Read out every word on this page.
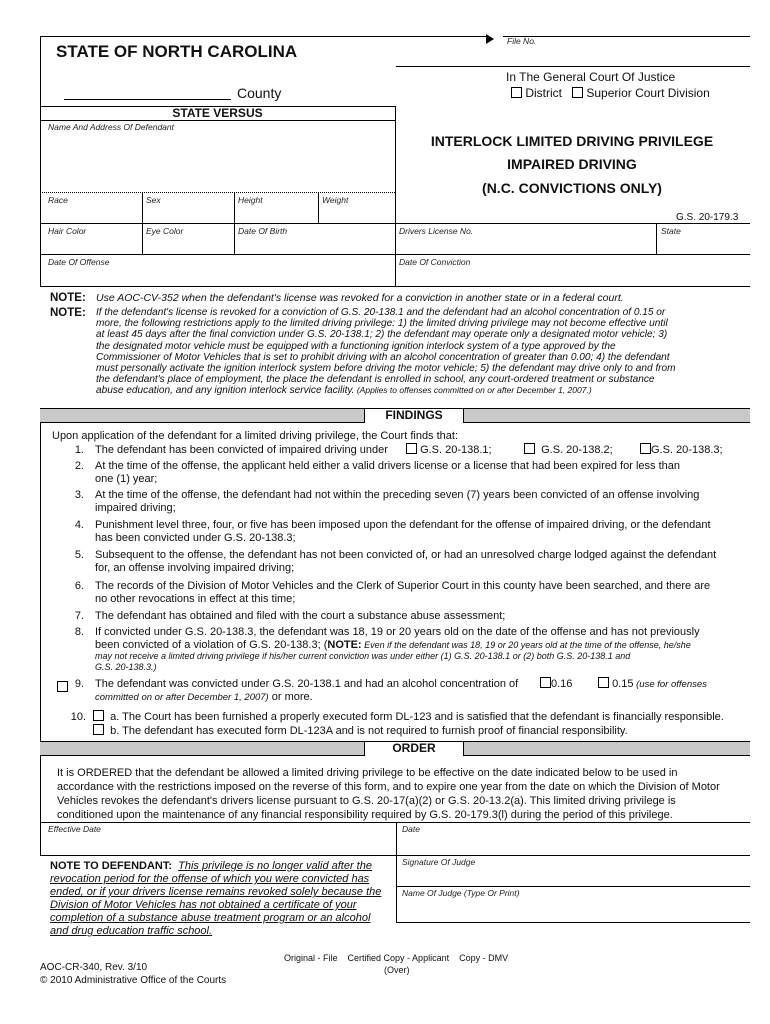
File No.
STATE OF NORTH CAROLINA
In The General Court Of Justice
District Superior Court Division
County
STATE VERSUS
Name And Address Of Defendant
INTERLOCK LIMITED DRIVING PRIVILEGE
IMPAIRED DRIVING
(N.C. CONVICTIONS ONLY)
G.S. 20-179.3
Race	Sex	Height	Weight
Hair Color	Eye Color	Date Of Birth	Drivers License No.	State
Date Of Offense	Date Of Conviction
NOTE: Use AOC-CV-352 when the defendant's license was revoked for a conviction in another state or in a federal court.
NOTE: If the defendant's license is revoked for a conviction of G.S. 20-138.1 and the defendant had an alcohol concentration of 0.15 or
more, the following restrictions apply to the limited driving privilege: 1) the limited driving privilege may not become effective until
at least 45 days after the final conviction under G.S. 20-138.1; 2) the defendant may operate only a designated motor vehicle; 3)
the designated motor vehicle must be equipped with a functioning ignition interlock system of a type approved by the
Commissioner of Motor Vehicles that is set to prohibit driving with an alcohol concentration of greater than 0.00; 4) the defendant
must personally activate the ignition interlock system before driving the motor vehicle; 5) the defendant may drive only to and from
the defendant's place of employment, the place the defendant is enrolled in school, any court-ordered treatment or substance
abuse education, and any ignition interlock service facility. (Applies to offenses committed on or after December 1, 2007.)
FINDINGS
Upon application of the defendant for a limited driving privilege, the Court finds that:
1. The defendant has been convicted of impaired driving under	G.S. 20-138.1;	G.S. 20-138.2;	G.S. 20-138.3;
2. At the time of the offense, the applicant held either a valid drivers license or a license that had been expired for less than
one (1) year;
3. At the time of the offense, the defendant had not within the preceding seven (7) years been convicted of an offense involving
impaired driving;
4. Punishment level three, four, or five has been imposed upon the defendant for the offense of impaired driving, or the defendant
has been convicted under G.S. 20-138.3;
5. Subsequent to the offense, the defendant has not been convicted of, or had an unresolved charge lodged against the defendant
for, an offense involving impaired driving;
6. The records of the Division of Motor Vehicles and the Clerk of Superior Court in this county have been searched, and there are
no other revocations in effect at this time;
7. The defendant has obtained and filed with the court a substance abuse assessment;
8. If convicted under G.S. 20-138.3, the defendant was 18, 19 or 20 years old on the date of the offense and has not previously
been convicted of a violation of G.S. 20-138.3; (NOTE: Even if the defendant was 18, 19 or 20 years old at the time of the offense, he/she
may not receive a limited driving privilege if his/her current conviction was under either (1) G.S. 20-138.1 or (2) both G.S. 20-138.1 and
G.S. 20-138.3.)
9. The defendant was convicted under G.S. 20-138.1 and had an alcohol concentration of	0.16	0.15 (use for offenses
committed on or after December 1, 2007) or more.
10.	a. The Court has been furnished a properly executed form DL-123 and is satisfied that the defendant is financially responsible.
b. The defendant has executed form DL-123A and is not required to furnish proof of financial responsibility.
ORDER
It is ORDERED that the defendant be allowed a limited driving privilege to be effective on the date indicated below to be used in
accordance with the restrictions imposed on the reverse of this form, and to expire one year from the date on which the Division of Motor
Vehicles revokes the defendant's drivers license pursuant to G.S. 20-17(a)(2) or G.S. 20-13.2(a). This limited driving privilege is
conditioned upon the maintenance of any financial responsibility required by G.S. 20-179.3(l) during the period of this privilege.
Effective Date	Date
Signature Of Judge
Name Of Judge (Type Or Print)
NOTE TO DEFENDANT: This privilege is no longer valid after the
revocation period for the offense of which you were convicted has
ended, or if your drivers license remains revoked solely because the
Division of Motor Vehicles has not obtained a certificate of your
completion of a substance abuse treatment program or an alcohol
and drug education traffic school.
Original - File Certified Copy - Applicant Copy - DMV
(Over)
AOC-CR-340, Rev. 3/10
© 2010 Administrative Office of the Courts
